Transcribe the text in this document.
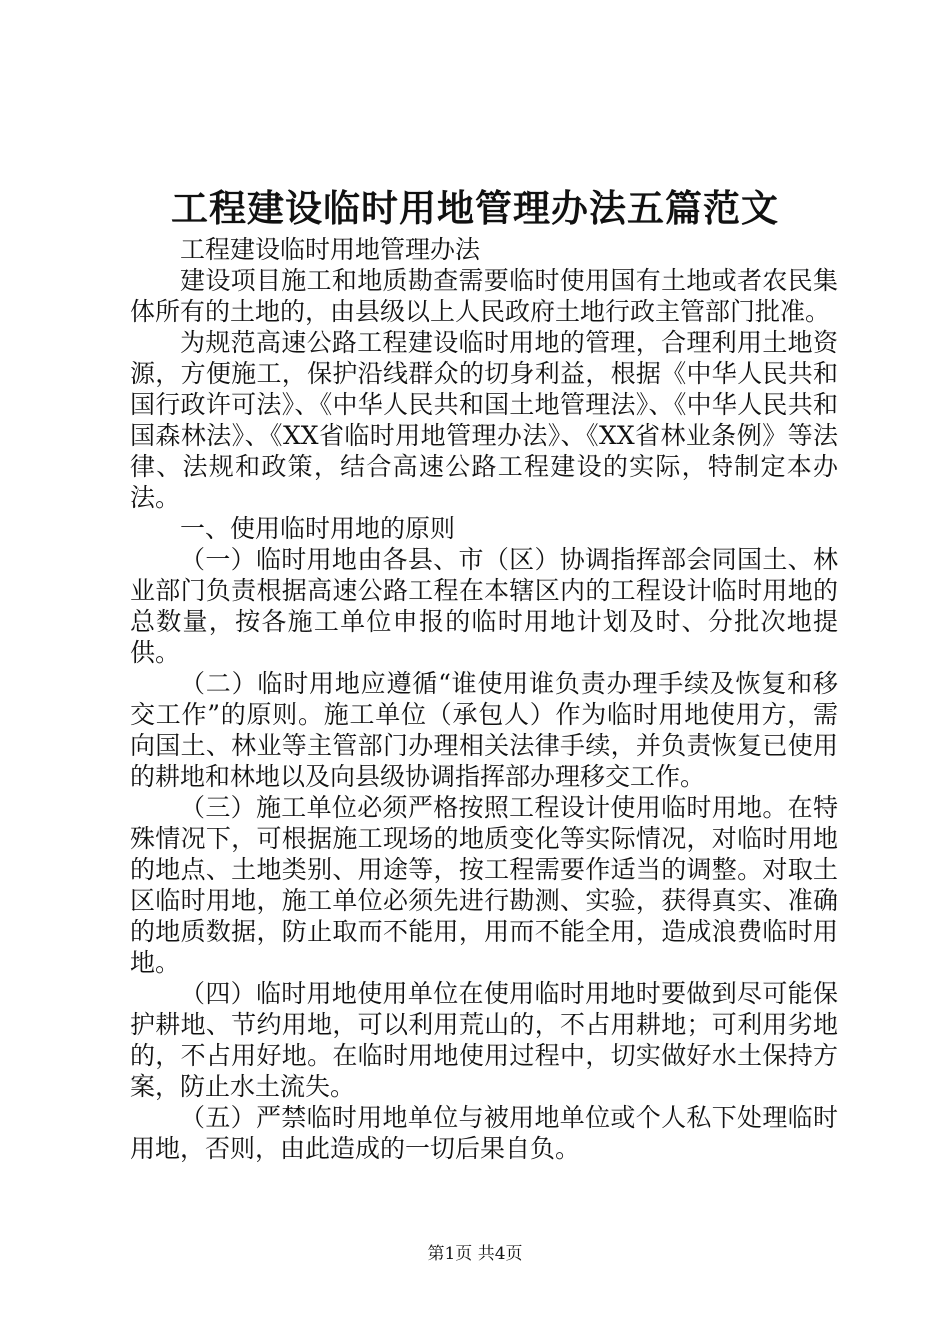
工程建设临时用地管理办法五篇范文

工程建设临时用地管理办法

建设项目施工和地质勘查需要临时使用国有土地或者农民集体所有的土地的，由县级以上人民政府土地行政主管部门批准。

为规范高速公路工程建设临时用地的管理，合理利用土地资源，方便施工，保护沿线群众的切身利益，根据《中华人民共和国行政许可法》、《中华人民共和国土地管理法》、《中华人民共和国森林法》、《XX省临时用地管理办法》、《XX省林业条例》等法律、法规和政策，结合高速公路工程建设的实际，特制定本办法。

一、使用临时用地的原则

（一）临时用地由各县、市（区）协调指挥部会同国土、林业部门负责根据高速公路工程在本辖区内的工程设计临时用地的总数量，按各施工单位申报的临时用地计划及时、分批次地提供。

（二）临时用地应遵循“谁使用谁负责办理手续及恢复和移交工作”的原则。施工单位（承包人）作为临时用地使用方，需向国土、林业等主管部门办理相关法律手续，并负责恢复已使用的耕地和林地以及向县级协调指挥部办理移交工作。

（三）施工单位必须严格按照工程设计使用临时用地。在特殊情况下，可根据施工现场的地质变化等实际情况，对临时用地的地点、土地类别、用途等，按工程需要作适当的调整。对取土区临时用地，施工单位必须先进行勘测、实验，获得真实、准确的地质数据，防止取而不能用，用而不能全用，造成浪费临时用地。

（四）临时用地使用单位在使用临时用地时要做到尽可能保护耕地、节约用地，可以利用荒山的，不占用耕地；可利用劣地的，不占用好地。在临时用地使用过程中，切实做好水土保持方案，防止水土流失。

（五）严禁临时用地单位与被用地单位或个人私下处理临时用地，否则，由此造成的一切后果自负。

第1页 共4页
